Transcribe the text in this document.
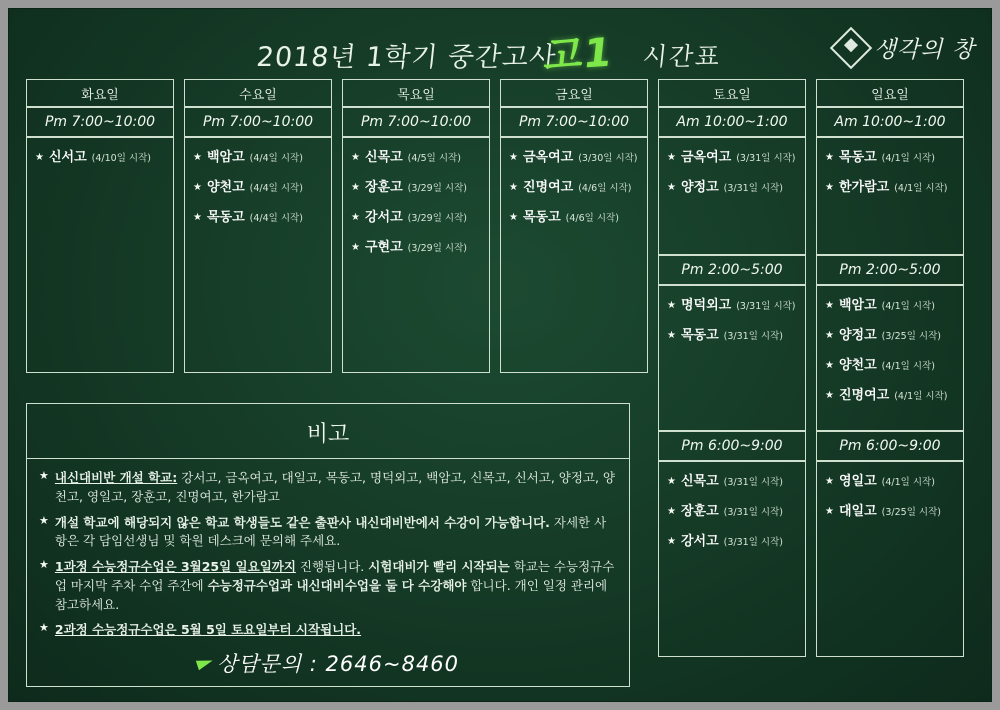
2018년 1학기 중간고사
고1 시간표	생각의 창
화요일
Pm 7:00~10:00
★ 신서고 (4/10일 시작)
수요일
Pm 7:00~10:00
★ 백암고 (4/4일 시작)
★ 양천고 (4/4일 시작)
★ 목동고 (4/4일 시작)
목요일
Pm 7:00~10:00
★ 신목고 (4/5일 시작)
★ 장훈고 (3/29일 시작)
★ 강서고 (3/29일 시작)
★ 구현고 (3/29일 시작)
금요일
Pm 7:00~10:00
★ 금옥여고 (3/30일 시작)
★ 진명여고 (4/6일 시작)
★ 목동고 (4/6일 시작)
토요일
Am 10:00~1:00
★ 금옥여고 (3/31일 시작)
★ 양정고 (3/31일 시작)
Pm 2:00~5:00
★ 명덕외고 (3/31일 시작)
★ 목동고 (3/31일 시작)
Pm 6:00~9:00
★ 신목고 (3/31일 시작)
★ 장훈고 (3/31일 시작)
★ 강서고 (3/31일 시작)
일요일
Am 10:00~1:00
★ 목동고 (4/1일 시작)
★ 한가람고 (4/1일 시작)
Pm 2:00~5:00
★ 백암고 (4/1일 시작)
★ 양정고 (3/25일 시작)
★ 양천고 (4/1일 시작)
★ 진명여고 (4/1일 시작)
Pm 6:00~9:00
★ 영일고 (4/1일 시작)
★ 대일고 (3/25일 시작)
비고
★ 내신대비반 개설 학교: 강서고, 금옥여고, 대일고, 목동고, 명덕외고, 백암고, 신목고, 신서고, 양정고, 양천고, 영일고, 장훈고, 진명여고, 한가람고
★ 개설 학교에 해당되지 않은 학교 학생들도 같은 출판사 내신대비반에서 수강이 가능합니다. 자세한 사항은 각 담임선생님 및 학원 데스크에 문의해 주세요.
★ 1과정 수능정규수업은 3월25일 일요일까지 진행됩니다. 시험대비가 빨리 시작되는 학교는 수능정규수업 마지막 주차 수업 주간에 수능정규수업과 내신대비수업을 둘 다 수강해야 합니다. 개인 일정 관리에 참고하세요.
★ 2과정 수능정규수업은 5월 5일 토요일부터 시작됩니다.
상담문의 : 2646~8460
